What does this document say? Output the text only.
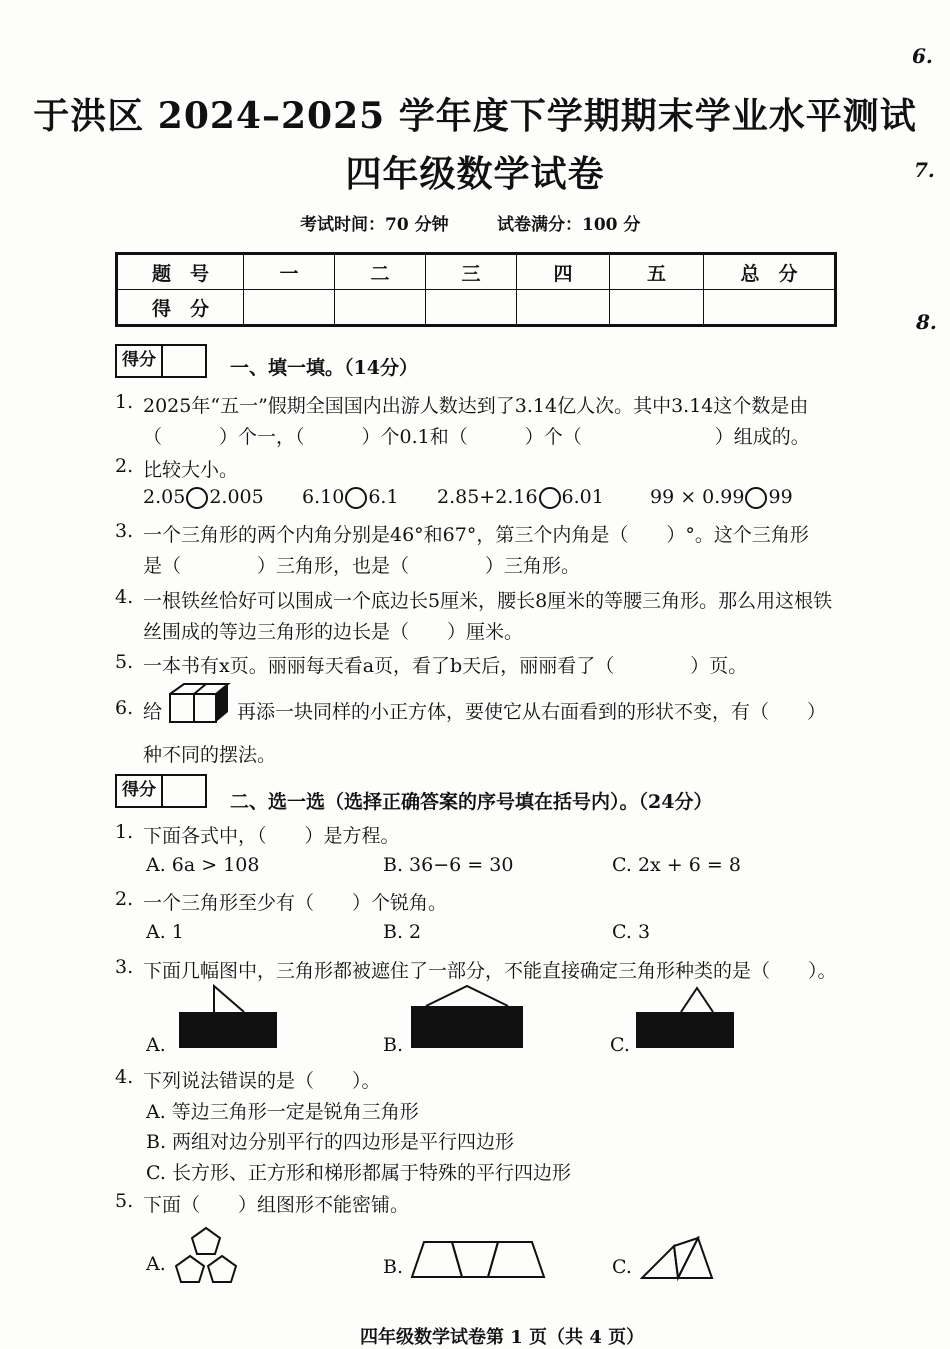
6.
7.
8.
于洪区 2024–2025 学年度下学期期末学业水平测试
四年级数学试卷
考试时间：70 分钟	试卷满分：100 分
题　号	一	二	三	四	五	总　分
得　分						
得分	一、填一填。（14分）
1. 2025年“五一”假期全国国内出游人数达到了3.14亿人次。其中3.14这个数是由
（　　　）个一，（　　　）个0.1和（　　　）个（　　　　　　　）组成的。
2. 比较大小。
2.05 2.005 6.10 6.1 2.85+2.16 6.01 99 × 0.99 99
3. 一个三角形的两个内角分别是46°和67°，第三个内角是（　　）°。这个三角形
是（　　　　）三角形，也是（　　　　）三角形。
4. 一根铁丝恰好可以围成一个底边长5厘米，腰长8厘米的等腰三角形。那么用这根铁
丝围成的等边三角形的边长是（　　）厘米。
5. 一本书有x页。丽丽每天看a页，看了b天后，丽丽看了（　　　　）页。
6. 给	再添一块同样的小正方体，要使它从右面看到的形状不变，有（　　）
种不同的摆法。
得分
二、选一选（选择正确答案的序号填在括号内）。（24分）
1. 下面各式中，（　　）是方程。
A. 6a > 108	B. 36−6 = 30	C. 2x + 6 = 8
2. 一个三角形至少有（　　）个锐角。
A. 1	B. 2	C. 3
3. 下面几幅图中，三角形都被遮住了一部分，不能直接确定三角形种类的是（　　）。
A.	B.	C.
4. 下列说法错误的是（　　）。
A. 等边三角形一定是锐角三角形
B. 两组对边分别平行的四边形是平行四边形
C. 长方形、正方形和梯形都属于特殊的平行四边形
5. 下面（　　）组图形不能密铺。
A.	B.	C.
四年级数学试卷第 1 页（共 4 页）
